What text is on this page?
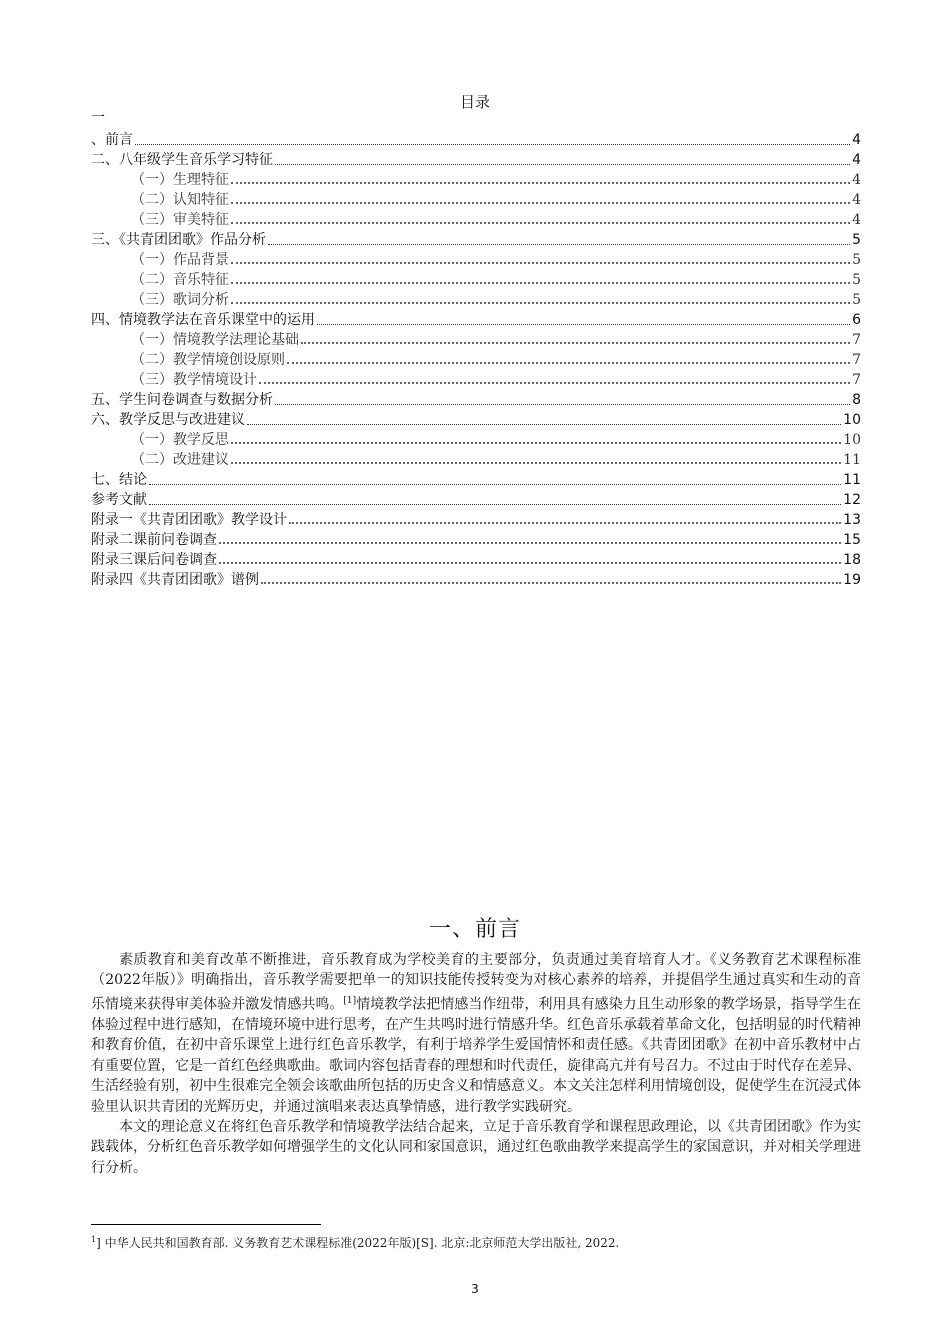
目录
一
、前言	4
二、八年级学生音乐学习特征	4
（一）生理特征	4
（二）认知特征	4
（三）审美特征	4
三、《共青团团歌》作品分析	5
（一）作品背景	5
（二）音乐特征	5
（三）歌词分析	5
四、情境教学法在音乐课堂中的运用	6
（一）情境教学法理论基础	7
（二）教学情境创设原则	7
（三）教学情境设计	7
五、学生问卷调查与数据分析	8
六、教学反思与改进建议	10
（一）教学反思	10
（二）改进建议	11
七、结论	11
参考文献	12
附录一《共青团团歌》教学设计	13
附录二课前问卷调查	15
附录三课后问卷调查	18
附录四《共青团团歌》谱例	19
一、前言

素质教育和美育改革不断推进，音乐教育成为学校美育的主要部分，负责通过美育培育人才。《义务教育艺术课程标准（2022年版）》明确指出，音乐教学需要把单一的知识技能传授转变为对核心素养的培养，并提倡学生通过真实和生动的音乐情境来获得审美体验并激发情感共鸣。[1]情境教学法把情感当作纽带，利用具有感染力且生动形象的教学场景，指导学生在体验过程中进行感知，在情境环境中进行思考，在产生共鸣时进行情感升华。红色音乐承载着革命文化，包括明显的时代精神和教育价值，在初中音乐课堂上进行红色音乐教学，有利于培养学生爱国情怀和责任感。《共青团团歌》在初中音乐教材中占有重要位置，它是一首红色经典歌曲。歌词内容包括青春的理想和时代责任，旋律高亢并有号召力。不过由于时代存在差异、生活经验有别，初中生很难完全领会该歌曲所包括的历史含义和情感意义。本文关注怎样利用情境创设，促使学生在沉浸式体验里认识共青团的光辉历史，并通过演唱来表达真挚情感，进行教学实践研究。

本文的理论意义在将红色音乐教学和情境教学法结合起来，立足于音乐教育学和课程思政理论，以《共青团团歌》作为实践载体，分析红色音乐教学如何增强学生的文化认同和家国意识，通过红色歌曲教学来提高学生的家国意识，并对相关学理进行分析。

$^1$] 中华人民共和国教育部. 义务教育艺术课程标准(2022年版)[S]. 北京:北京师范大学出版社, 2022.
3
